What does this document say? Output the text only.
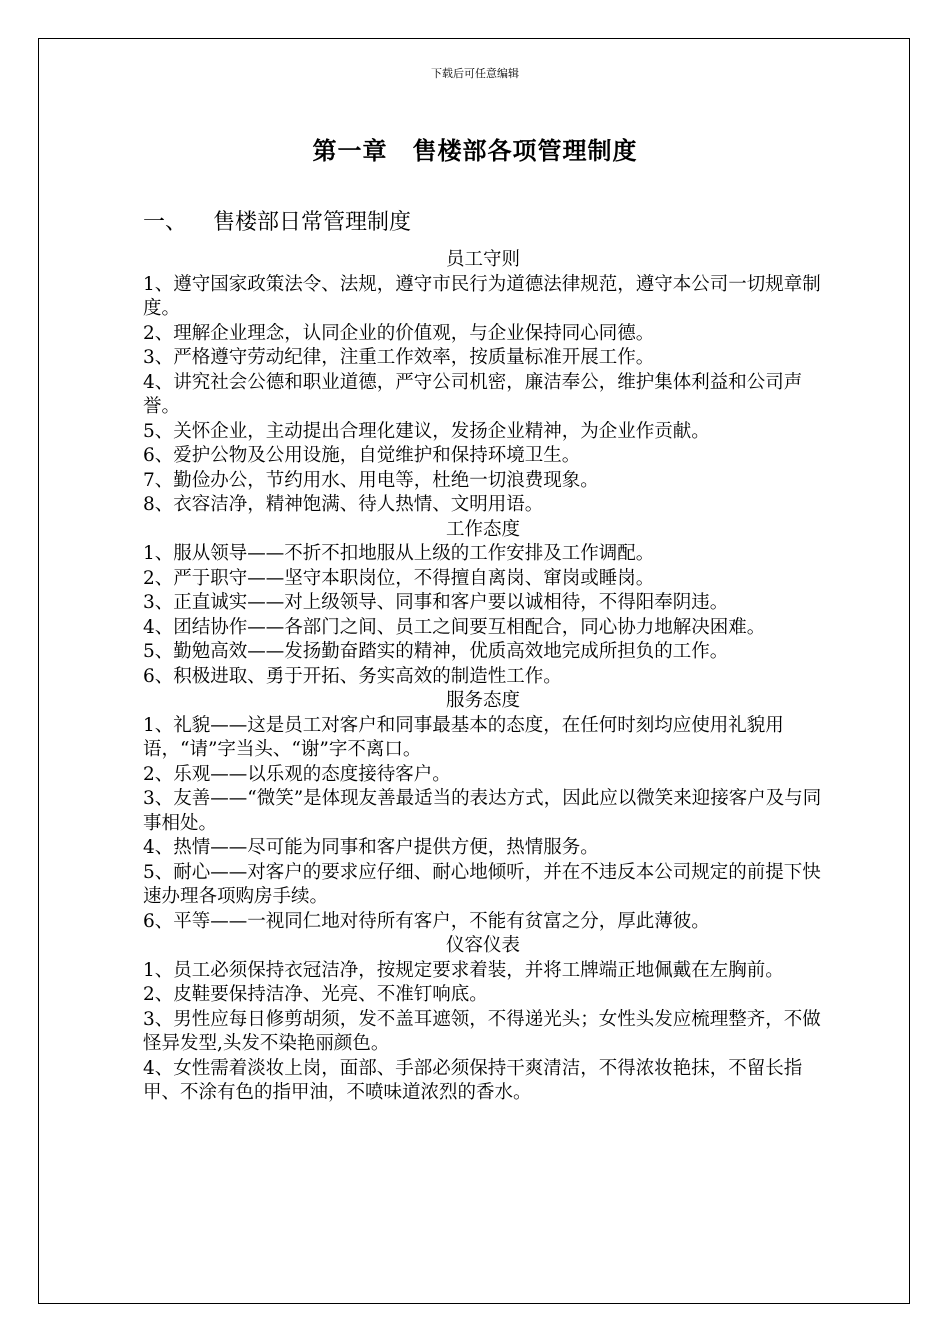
下载后可任意编辑
第一章　售楼部各项管理制度
一、 售楼部日常管理制度
员工守则

1、遵守国家政策法令、法规，遵守市民行为道德法律规范，遵守本公司一切规章制度。

2、理解企业理念，认同企业的价值观，与企业保持同心同德。

3、严格遵守劳动纪律，注重工作效率，按质量标准开展工作。

4、讲究社会公德和职业道德，严守公司机密，廉洁奉公，维护集体利益和公司声誉。

5、关怀企业，主动提出合理化建议，发扬企业精神，为企业作贡献。

6、爱护公物及公用设施，自觉维护和保持环境卫生。

7、勤俭办公，节约用水、用电等，杜绝一切浪费现象。

8、衣容洁净，精神饱满、待人热情、文明用语。

工作态度

1、服从领导——不折不扣地服从上级的工作安排及工作调配。

2、严于职守——坚守本职岗位，不得擅自离岗、窜岗或睡岗。

3、正直诚实——对上级领导、同事和客户要以诚相待，不得阳奉阴违。

4、团结协作——各部门之间、员工之间要互相配合，同心协力地解决困难。

5、勤勉高效——发扬勤奋踏实的精神，优质高效地完成所担负的工作。

6、积极进取、勇于开拓、务实高效的制造性工作。

服务态度

1、礼貌——这是员工对客户和同事最基本的态度，在任何时刻均应使用礼貌用语，“请”字当头、“谢”字不离口。

2、乐观——以乐观的态度接待客户。

3、友善——“微笑”是体现友善最适当的表达方式，因此应以微笑来迎接客户及与同事相处。

4、热情——尽可能为同事和客户提供方便，热情服务。

5、耐心——对客户的要求应仔细、耐心地倾听，并在不违反本公司规定的前提下快速办理各项购房手续。

6、平等——一视同仁地对待所有客户，不能有贫富之分，厚此薄彼。

仪容仪表

1、员工必须保持衣冠洁净，按规定要求着装，并将工牌端正地佩戴在左胸前。

2、皮鞋要保持洁净、光亮、不准钉响底。

3、男性应每日修剪胡须，发不盖耳遮领，不得递光头；女性头发应梳理整齐，不做怪异发型,头发不染艳丽颜色。

4、女性需着淡妆上岗，面部、手部必须保持干爽清洁，不得浓妆艳抹，不留长指甲、不涂有色的指甲油，不喷味道浓烈的香水。
